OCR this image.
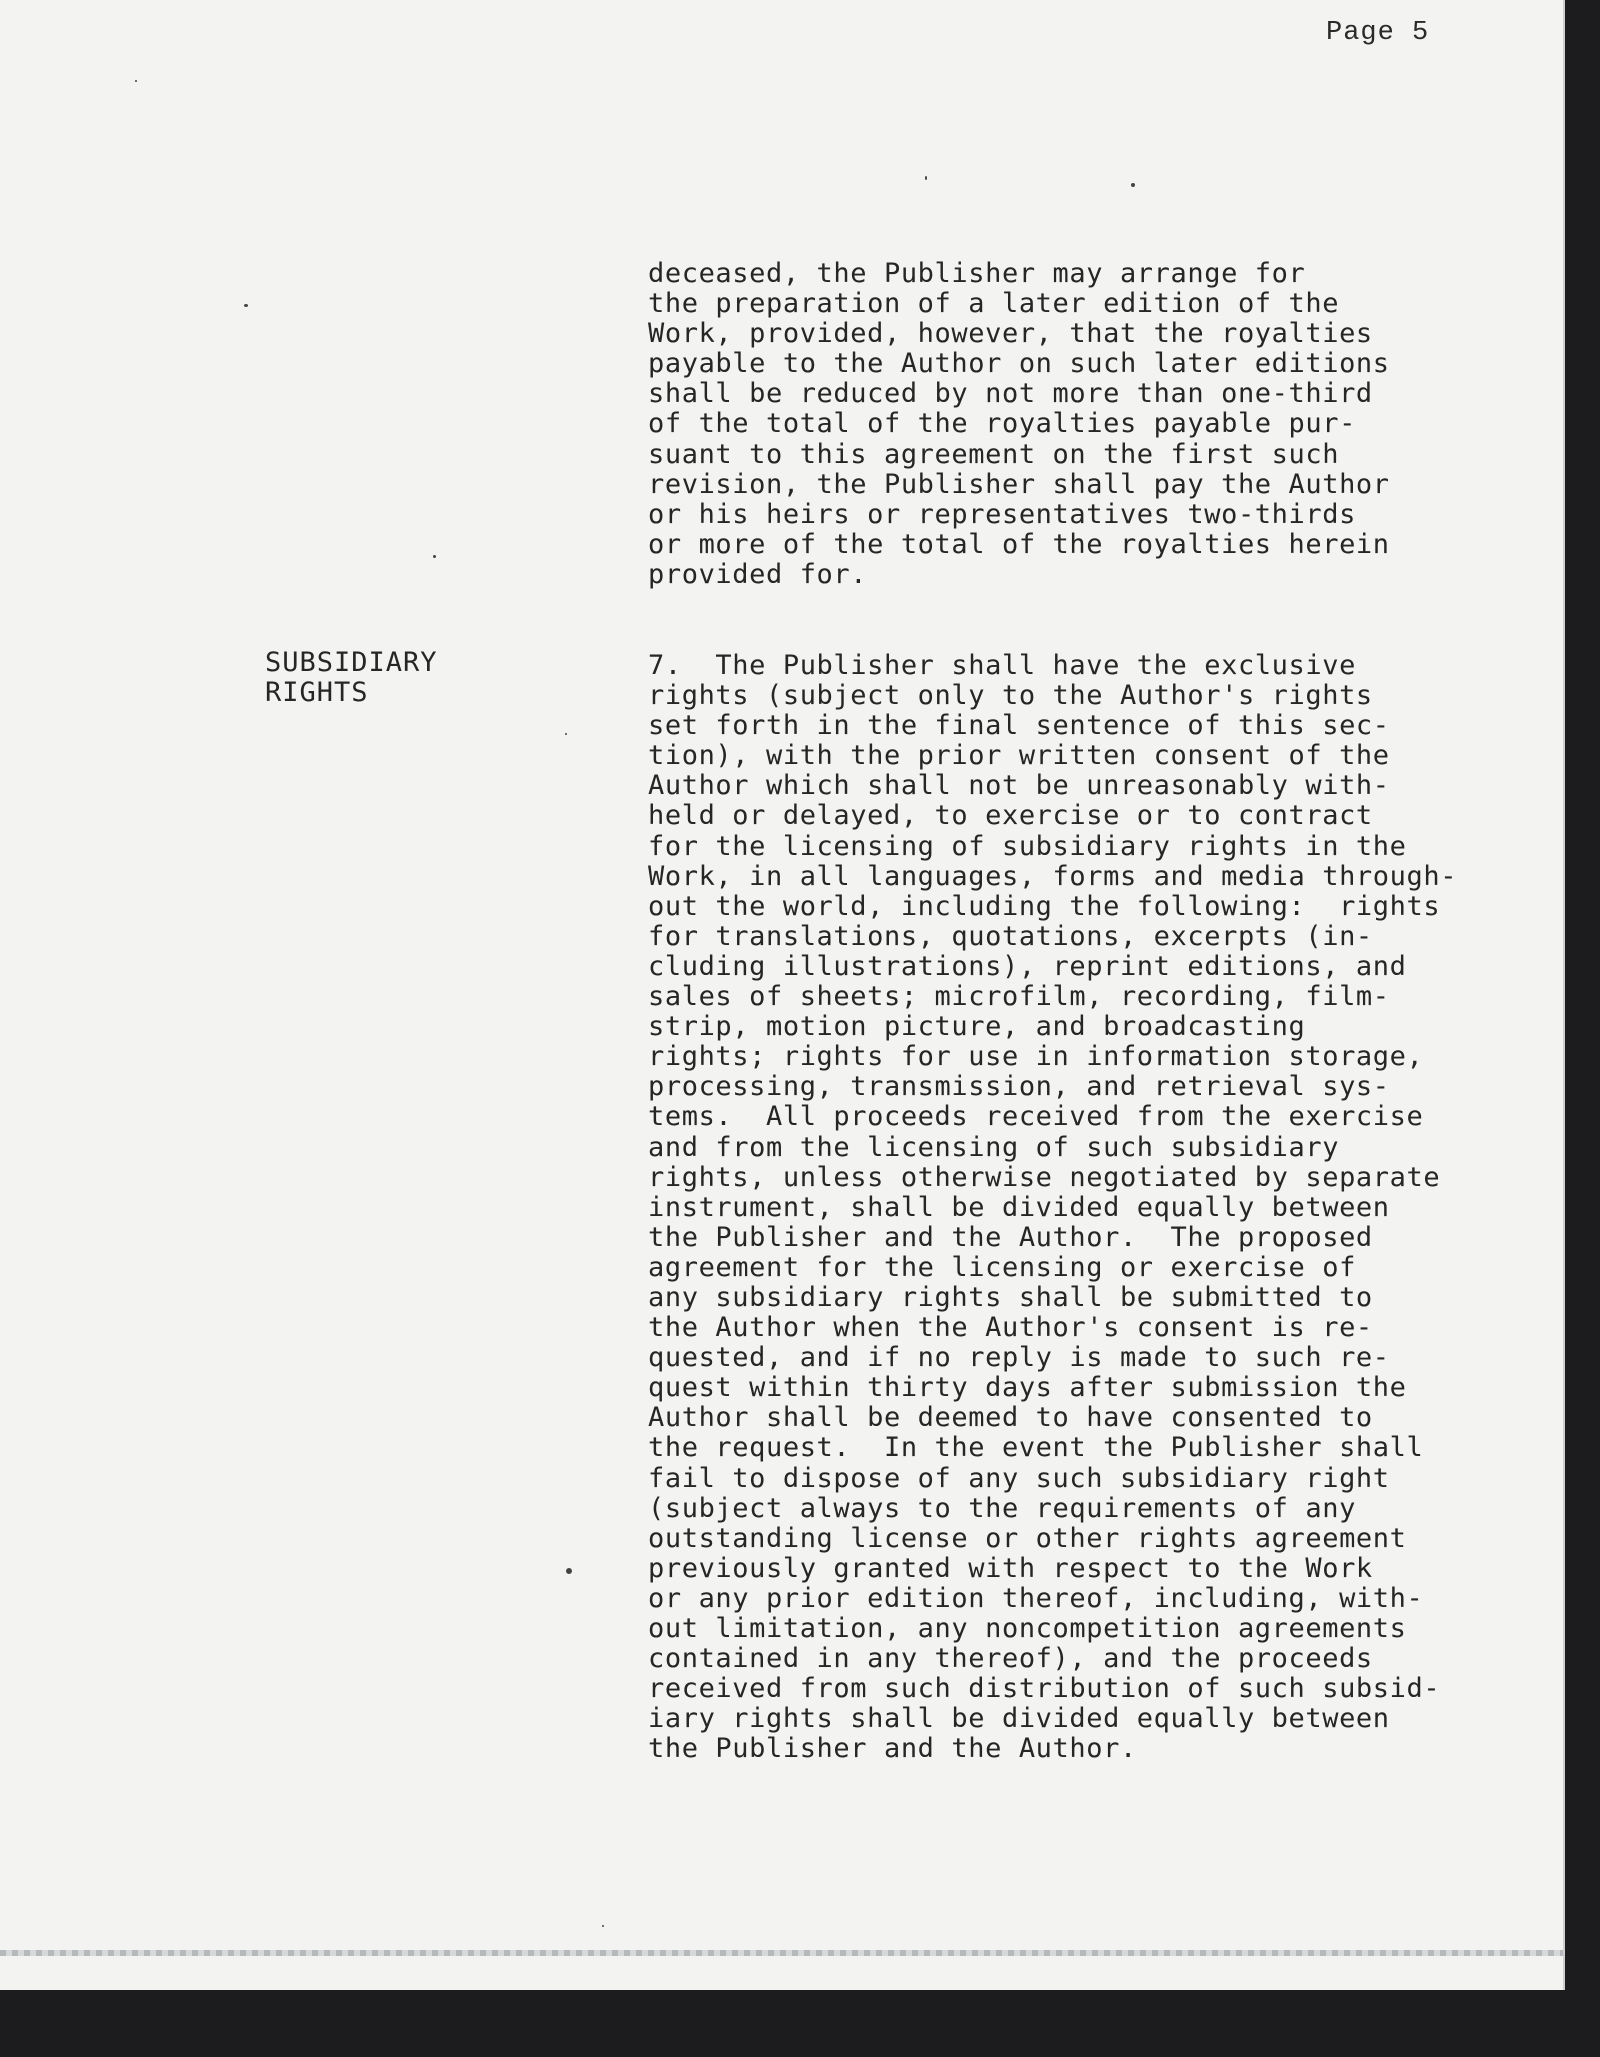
Page 5
deceased, the Publisher may arrange for
the preparation of a later edition of the
Work, provided, however, that the royalties
payable to the Author on such later editions
shall be reduced by not more than one-third
of the total of the royalties payable pur-
suant to this agreement on the first such
revision, the Publisher shall pay the Author
or his heirs or representatives two-thirds
or more of the total of the royalties herein
provided for.
SUBSIDIARY
RIGHTS
7.  The Publisher shall have the exclusive
rights (subject only to the Author's rights
set forth in the final sentence of this sec-
tion), with the prior written consent of the
Author which shall not be unreasonably with-
held or delayed, to exercise or to contract
for the licensing of subsidiary rights in the
Work, in all languages, forms and media through-
out the world, including the following:  rights
for translations, quotations, excerpts (in-
cluding illustrations), reprint editions, and
sales of sheets; microfilm, recording, film-
strip, motion picture, and broadcasting
rights; rights for use in information storage,
processing, transmission, and retrieval sys-
tems.  All proceeds received from the exercise
and from the licensing of such subsidiary
rights, unless otherwise negotiated by separate
instrument, shall be divided equally between
the Publisher and the Author.  The proposed
agreement for the licensing or exercise of
any subsidiary rights shall be submitted to
the Author when the Author's consent is re-
quested, and if no reply is made to such re-
quest within thirty days after submission the
Author shall be deemed to have consented to
the request.  In the event the Publisher shall
fail to dispose of any such subsidiary right
(subject always to the requirements of any
outstanding license or other rights agreement
previously granted with respect to the Work
or any prior edition thereof, including, with-
out limitation, any noncompetition agreements
contained in any thereof), and the proceeds
received from such distribution of such subsid-
iary rights shall be divided equally between
the Publisher and the Author.
